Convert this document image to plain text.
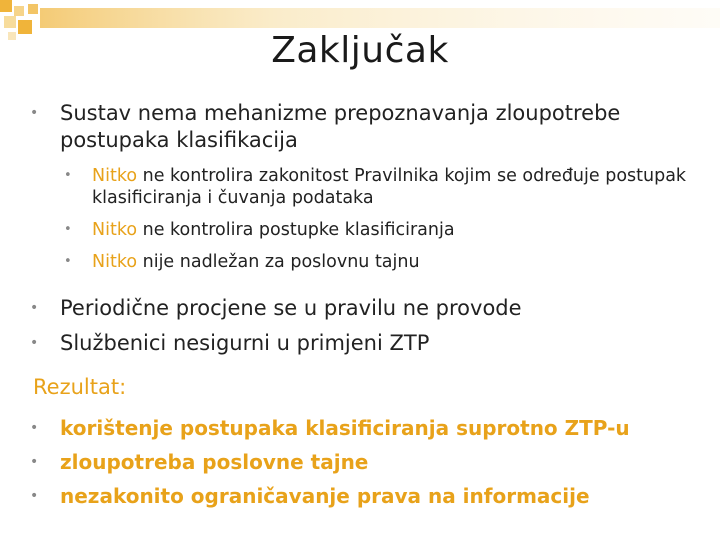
Zaključak
•	Sustav nema mehanizme prepoznavanja zloupotrebe postupaka klasifikacija
•	Nitko ne kontrolira zakonitost Pravilnika kojim se određuje postupak klasificiranja i čuvanja podataka
•	Nitko ne kontrolira postupke klasificiranja
•	Nitko nije nadležan za poslovnu tajnu
•	Periodične procjene se u pravilu ne provode
•	Službenici nesigurni u primjeni ZTP
Rezultat:
•	korištenje postupaka klasificiranja suprotno ZTP-u
•	zloupotreba poslovne tajne
•	nezakonito ograničavanje prava na informacije
